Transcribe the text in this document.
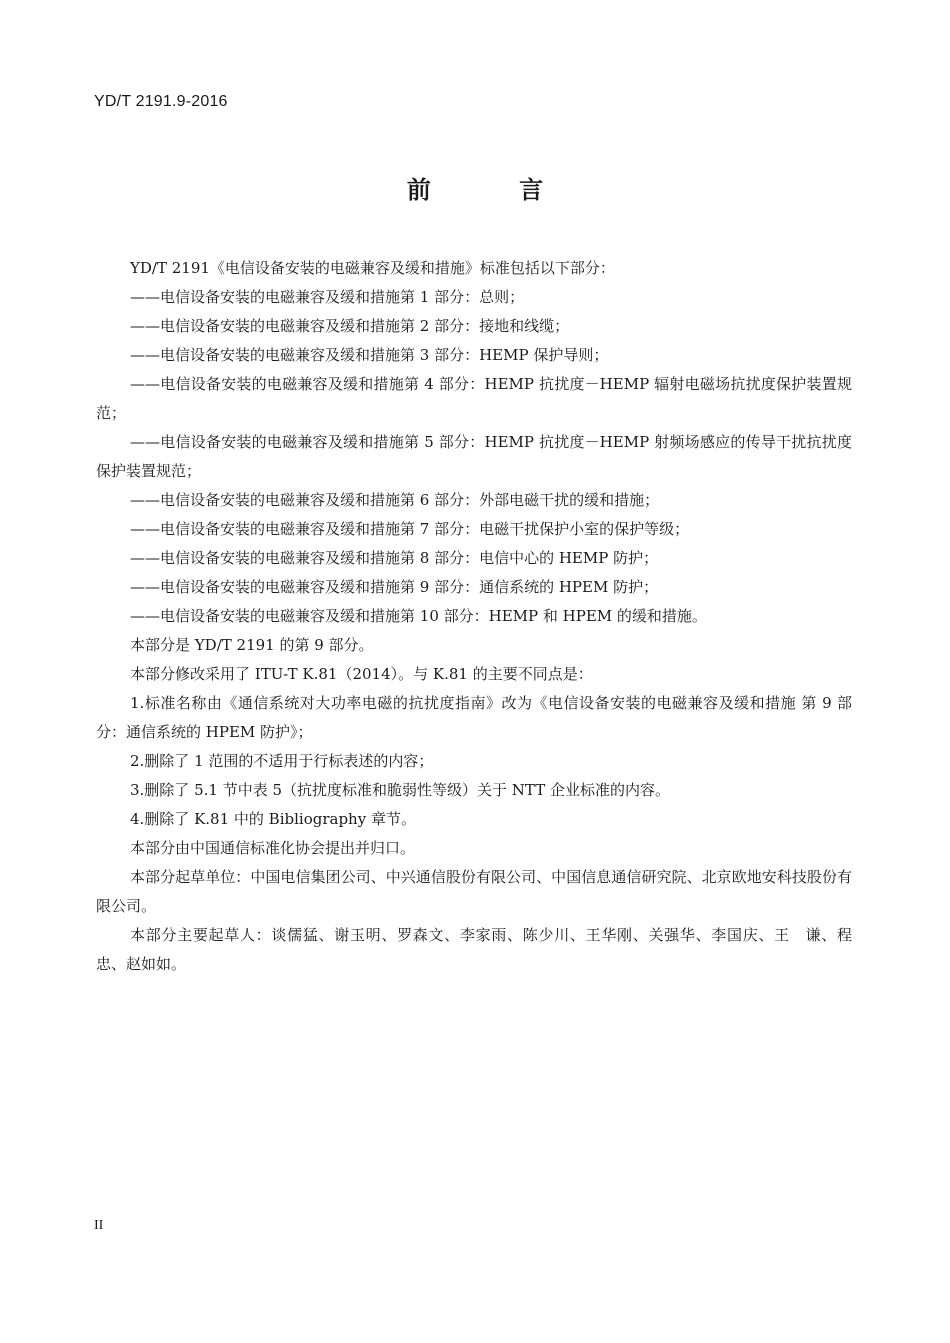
YD/T 2191.9-2016
前 言

YD/T 2191《电信设备安装的电磁兼容及缓和措施》标准包括以下部分：

——电信设备安装的电磁兼容及缓和措施第 1 部分：总则；

——电信设备安装的电磁兼容及缓和措施第 2 部分：接地和线缆；

——电信设备安装的电磁兼容及缓和措施第 3 部分：HEMP 保护导则；

——电信设备安装的电磁兼容及缓和措施第 4 部分：HEMP 抗扰度－HEMP 辐射电磁场抗扰度保护装置规范；

——电信设备安装的电磁兼容及缓和措施第 5 部分：HEMP 抗扰度－HEMP 射频场感应的传导干扰抗扰度保护装置规范；

——电信设备安装的电磁兼容及缓和措施第 6 部分：外部电磁干扰的缓和措施；

——电信设备安装的电磁兼容及缓和措施第 7 部分：电磁干扰保护小室的保护等级；

——电信设备安装的电磁兼容及缓和措施第 8 部分：电信中心的 HEMP 防护；

——电信设备安装的电磁兼容及缓和措施第 9 部分：通信系统的 HPEM 防护；

——电信设备安装的电磁兼容及缓和措施第 10 部分：HEMP 和 HPEM 的缓和措施。

本部分是 YD/T 2191 的第 9 部分。

本部分修改采用了 ITU-T K.81（2014）。与 K.81 的主要不同点是：

1.标准名称由《通信系统对大功率电磁的抗扰度指南》改为《电信设备安装的电磁兼容及缓和措施 第 9 部分：通信系统的 HPEM 防护》；

2.删除了 1 范围的不适用于行标表述的内容；

3.删除了 5.1 节中表 5（抗扰度标准和脆弱性等级）关于 NTT 企业标准的内容。

4.删除了 K.81 中的 Bibliography 章节。

本部分由中国通信标准化协会提出并归口。

本部分起草单位：中国电信集团公司、中兴通信股份有限公司、中国信息通信研究院、北京欧地安科技股份有限公司。

本部分主要起草人：谈儒猛、谢玉明、罗森文、李家雨、陈少川、王华刚、关强华、李国庆、王　谦、程　忠、赵如如。

II
